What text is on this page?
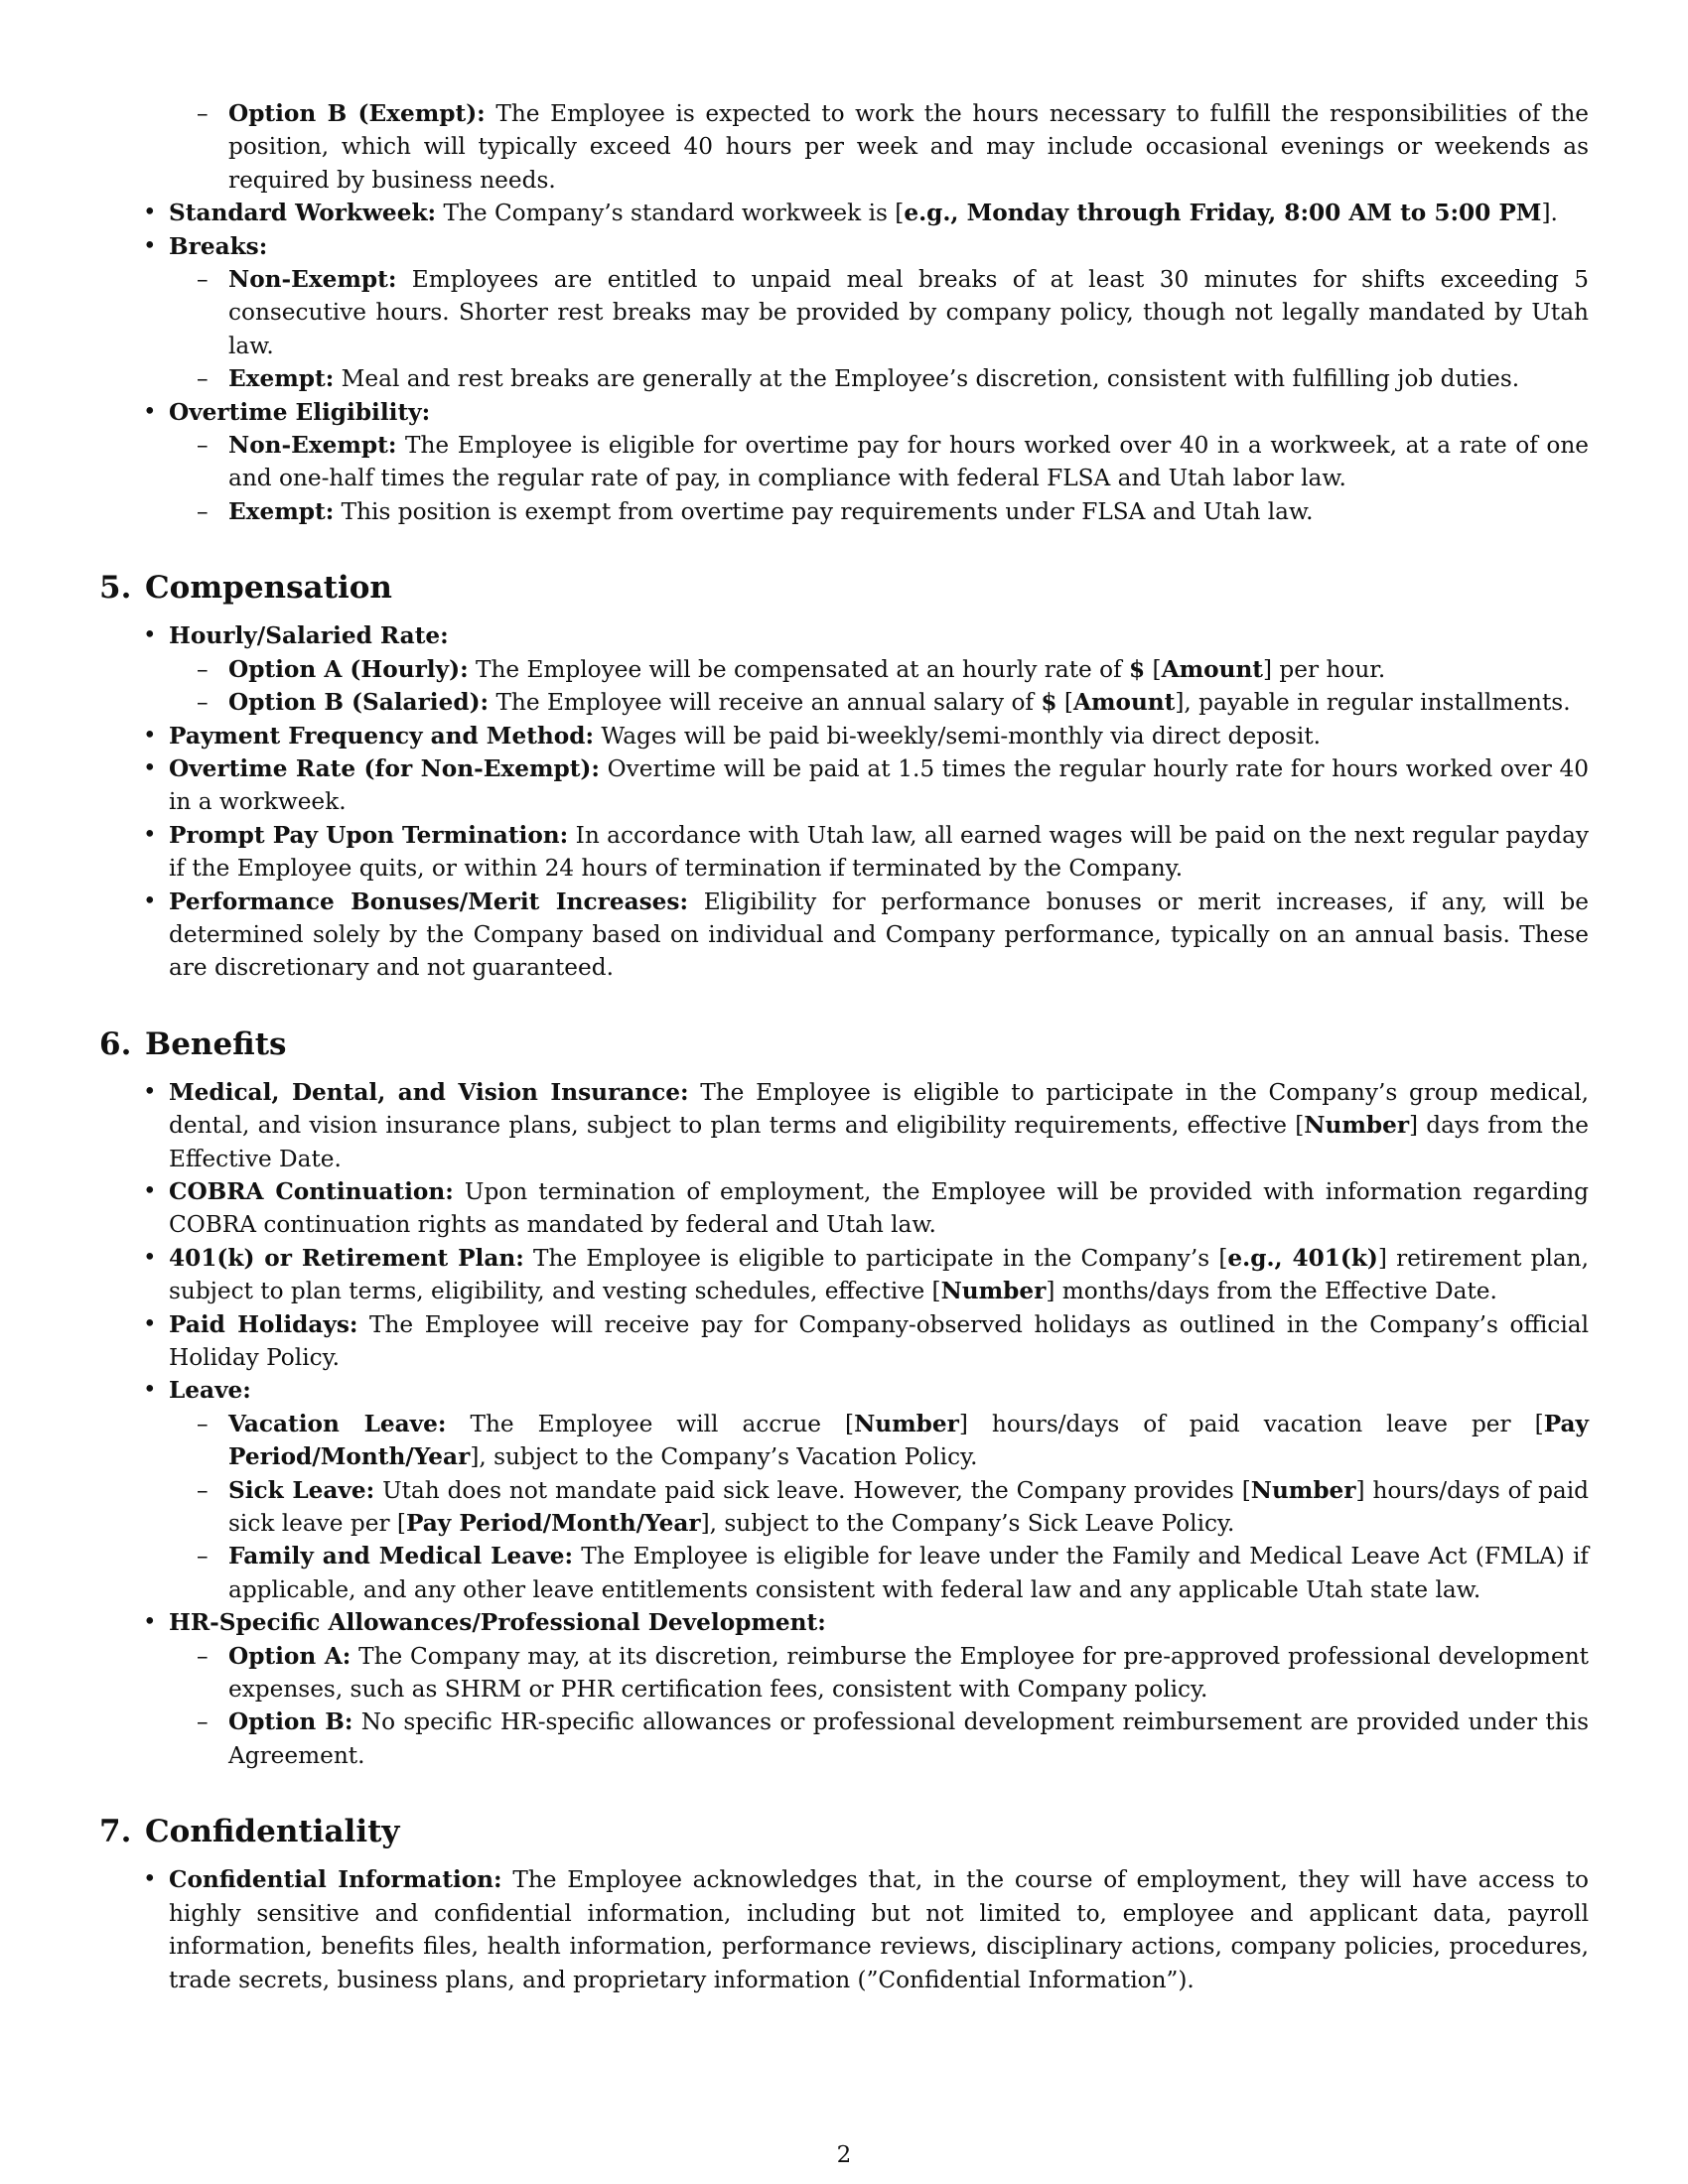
– Option B (Exempt): The Employee is expected to work the hours necessary to fulfill the responsibilities of the position, which will typically exceed 40 hours per week and may include occasional evenings or weekends as required by business needs.
• Standard Workweek: The Company’s standard workweek is [e.g., Monday through Friday, 8:00 AM to 5:00 PM].
• Breaks:
– Non-Exempt: Employees are entitled to unpaid meal breaks of at least 30 minutes for shifts exceeding 5 consecutive hours. Shorter rest breaks may be provided by company policy, though not legally mandated by Utah law.
– Exempt: Meal and rest breaks are generally at the Employee’s discretion, consistent with fulfilling job duties.
• Overtime Eligibility:
– Non-Exempt: The Employee is eligible for overtime pay for hours worked over 40 in a workweek, at a rate of one and one-half times the regular rate of pay, in compliance with federal FLSA and Utah labor law.
– Exempt: This position is exempt from overtime pay requirements under FLSA and Utah law.
5. Compensation
• Hourly/Salaried Rate:
– Option A (Hourly): The Employee will be compensated at an hourly rate of $ [Amount] per hour.
– Option B (Salaried): The Employee will receive an annual salary of $ [Amount], payable in regular installments.
• Payment Frequency and Method: Wages will be paid bi-weekly/semi-monthly via direct deposit.
• Overtime Rate (for Non-Exempt): Overtime will be paid at 1.5 times the regular hourly rate for hours worked over 40 in a workweek.
• Prompt Pay Upon Termination: In accordance with Utah law, all earned wages will be paid on the next regular payday if the Employee quits, or within 24 hours of termination if terminated by the Company.
• Performance Bonuses/Merit Increases: Eligibility for performance bonuses or merit increases, if any, will be determined solely by the Company based on individual and Company performance, typically on an annual basis. These are discretionary and not guaranteed.
6. Benefits
• Medical, Dental, and Vision Insurance: The Employee is eligible to participate in the Company’s group medical, dental, and vision insurance plans, subject to plan terms and eligibility requirements, effective [Number] days from the Effective Date.
• COBRA Continuation: Upon termination of employment, the Employee will be provided with information regarding COBRA continuation rights as mandated by federal and Utah law.
• 401(k) or Retirement Plan: The Employee is eligible to participate in the Company’s [e.g., 401(k)] retirement plan, subject to plan terms, eligibility, and vesting schedules, effective [Number] months/days from the Effective Date.
• Paid Holidays: The Employee will receive pay for Company-observed holidays as outlined in the Company’s official Holiday Policy.
• Leave:
– Vacation Leave: The Employee will accrue [Number] hours/days of paid vacation leave per [Pay Period/Month/Year], subject to the Company’s Vacation Policy.
– Sick Leave: Utah does not mandate paid sick leave. However, the Company provides [Number] hours/days of paid sick leave per [Pay Period/Month/Year], subject to the Company’s Sick Leave Policy.
– Family and Medical Leave: The Employee is eligible for leave under the Family and Medical Leave Act (FMLA) if applicable, and any other leave entitlements consistent with federal law and any applicable Utah state law.
• HR-Specific Allowances/Professional Development:
– Option A: The Company may, at its discretion, reimburse the Employee for pre-approved professional development expenses, such as SHRM or PHR certification fees, consistent with Company policy.
– Option B: No specific HR-specific allowances or professional development reimbursement are provided under this Agreement.
7. Confidentiality
• Confidential Information: The Employee acknowledges that, in the course of employment, they will have access to highly sensitive and confidential information, including but not limited to, employee and applicant data, payroll information, benefits files, health information, performance reviews, disciplinary actions, company policies, procedures, trade secrets, business plans, and proprietary information (”Confidential Information”).
2
